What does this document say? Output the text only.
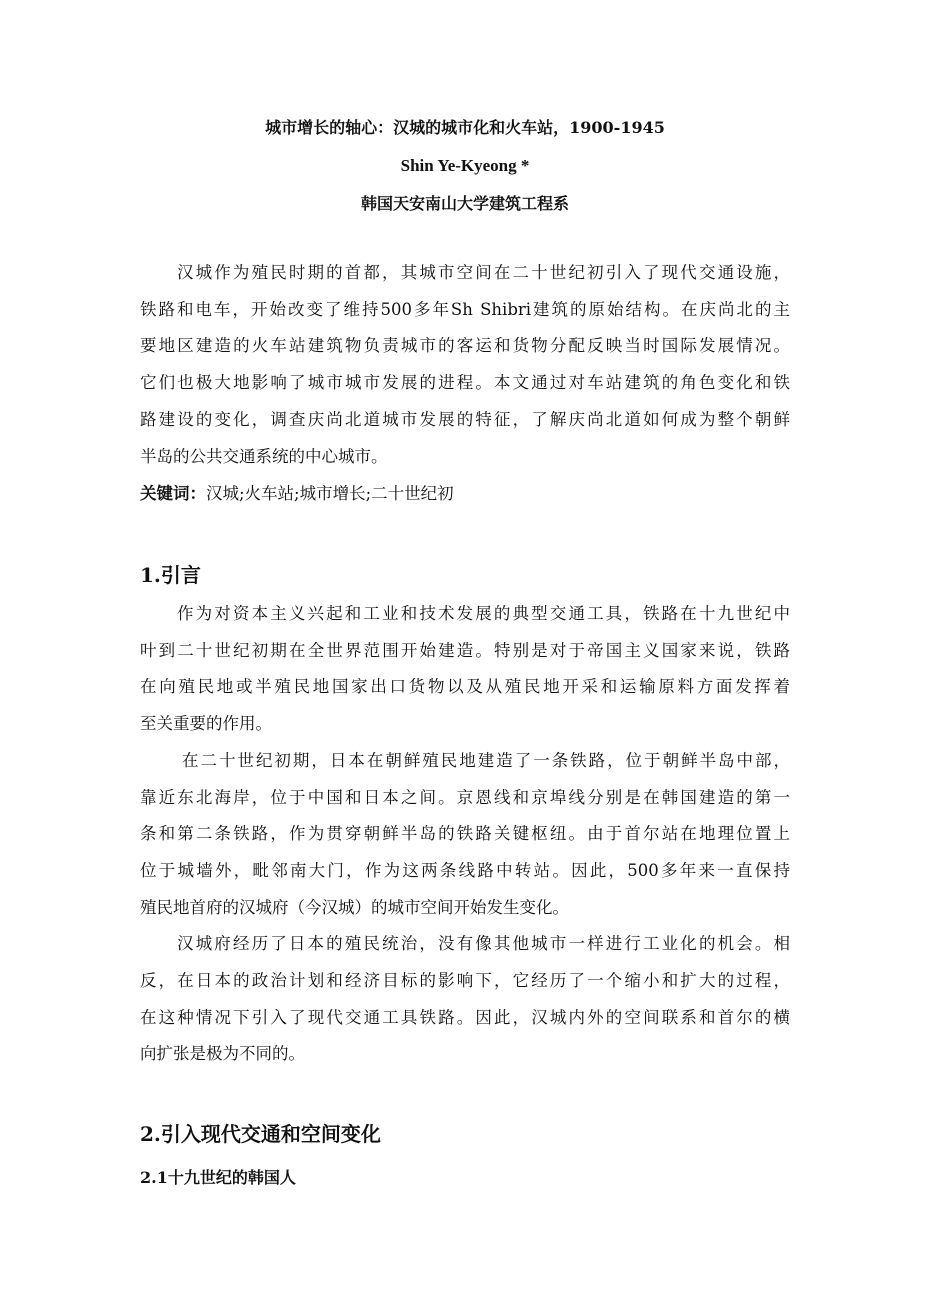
城市增长的轴心：汉城的城市化和火车站，1900-1945

Shin Ye-Kyeong *

韩国天安南山大学建筑工程系

汉城作为殖民时期的首都，其城市空间在二十世纪初引入了现代交通设施，
铁路和电车，开始改变了维持500多年Sh Shibri建筑的原始结构。在庆尚北的主
要地区建造的火车站建筑物负责城市的客运和货物分配反映当时国际发展情况。
它们也极大地影响了城市城市发展的进程。本文通过对车站建筑的角色变化和铁
路建设的变化，调查庆尚北道城市发展的特征，了解庆尚北道如何成为整个朝鲜
半岛的公共交通系统的中心城市。

关键词：汉城;火车站;城市增长;二十世纪初

1.引言

作为对资本主义兴起和工业和技术发展的典型交通工具，铁路在十九世纪中
叶到二十世纪初期在全世界范围开始建造。特别是对于帝国主义国家来说，铁路
在向殖民地或半殖民地国家出口货物以及从殖民地开采和运输原料方面发挥着
至关重要的作用。

在二十世纪初期，日本在朝鲜殖民地建造了一条铁路，位于朝鲜半岛中部，
靠近东北海岸，位于中国和日本之间。京恩线和京埠线分别是在韩国建造的第一
条和第二条铁路，作为贯穿朝鲜半岛的铁路关键枢纽。由于首尔站在地理位置上
位于城墙外，毗邻南大门，作为这两条线路中转站。因此，500多年来一直保持
殖民地首府的汉城府（今汉城）的城市空间开始发生变化。

汉城府经历了日本的殖民统治，没有像其他城市一样进行工业化的机会。相
反，在日本的政治计划和经济目标的影响下，它经历了一个缩小和扩大的过程，
在这种情况下引入了现代交通工具铁路。因此，汉城内外的空间联系和首尔的横
向扩张是极为不同的。

2.引入现代交通和空间变化
2.1十九世纪的韩国人
